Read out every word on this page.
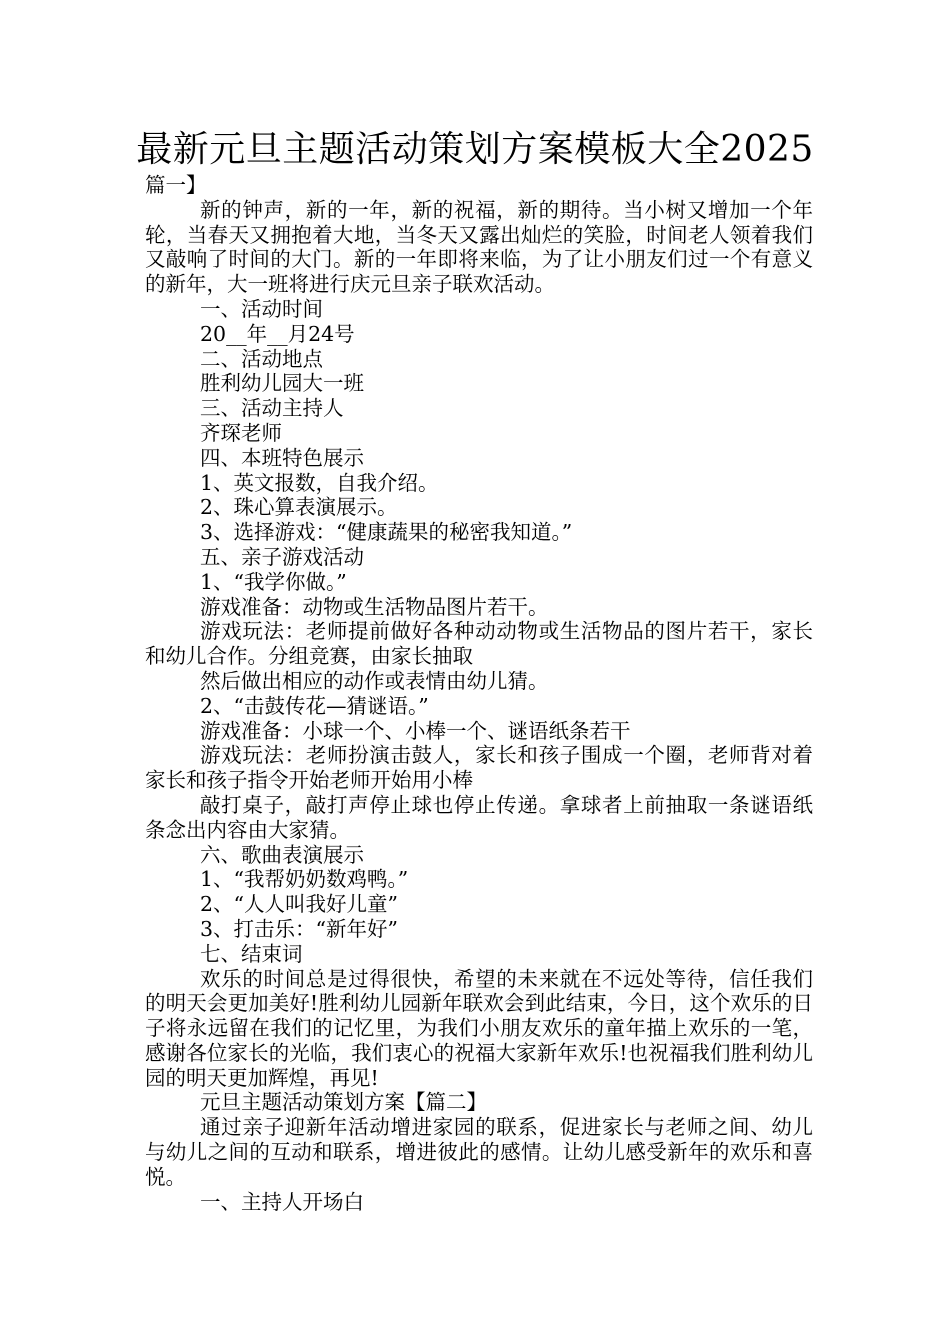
最新元旦主题活动策划方案模板大全2025

篇一】

新的钟声，新的一年，新的祝福，新的期待。当小树又增加一个年轮，当春天又拥抱着大地，当冬天又露出灿烂的笑脸，时间老人领着我们又敲响了时间的大门。新的一年即将来临，为了让小朋友们过一个有意义的新年，大一班将进行庆元旦亲子联欢活动。

一、活动时间

20__年__月24号

二、活动地点

胜利幼儿园大一班

三、活动主持人

齐琛老师

四、本班特色展示

1、英文报数，自我介绍。

2、珠心算表演展示。

3、选择游戏：“健康蔬果的秘密我知道。”

五、亲子游戏活动

1、“我学你做。”

游戏准备：动物或生活物品图片若干。

游戏玩法：老师提前做好各种动动物或生活物品的图片若干，家长和幼儿合作。分组竞赛，由家长抽取

然后做出相应的动作或表情由幼儿猜。

2、“击鼓传花—猜谜语。”

游戏准备：小球一个、小棒一个、谜语纸条若干

游戏玩法：老师扮演击鼓人，家长和孩子围成一个圈，老师背对着家长和孩子指令开始老师开始用小棒

敲打桌子，敲打声停止球也停止传递。拿球者上前抽取一条谜语纸条念出内容由大家猜。

六、歌曲表演展示

1、“我帮奶奶数鸡鸭。”

2、“人人叫我好儿童”

3、打击乐：“新年好”

七、结束词

欢乐的时间总是过得很快，希望的未来就在不远处等待，信任我们的明天会更加美好!胜利幼儿园新年联欢会到此结束，今日，这个欢乐的日子将永远留在我们的记忆里，为我们小朋友欢乐的童年描上欢乐的一笔，感谢各位家长的光临，我们衷心的祝福大家新年欢乐!也祝福我们胜利幼儿园的明天更加辉煌，再见!

元旦主题活动策划方案【篇二】

通过亲子迎新年活动增进家园的联系，促进家长与老师之间、幼儿与幼儿之间的互动和联系，增进彼此的感情。让幼儿感受新年的欢乐和喜悦。

一、主持人开场白
